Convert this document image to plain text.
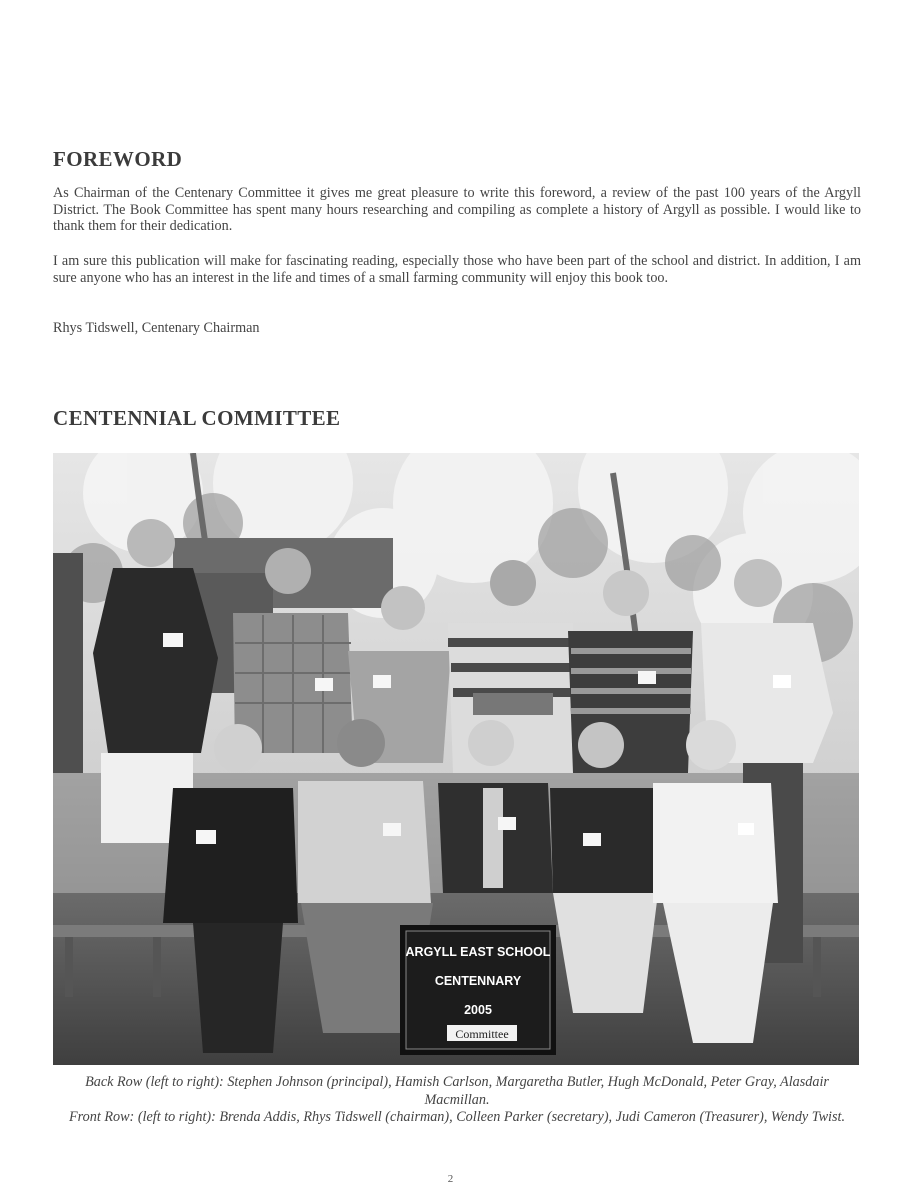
FOREWORD

As Chairman of the Centenary Committee it gives me great pleasure to write this foreword, a review of the past 100 years of the Argyll District. The Book Committee has spent many hours researching and compiling as complete a history of Argyll as possible. I would like to thank them for their dedication.

I am sure this publication will make for fascinating reading, especially those who have been part of the school and district. In addition, I am sure anyone who has an interest in the life and times of a small farming community will enjoy this book too.

Rhys Tidswell, Centenary Chairman

CENTENNIAL COMMITTEE
ARGYLL EAST SCHOOL
CENTENNARY
2005
Committee
Back Row (left to right): Stephen Johnson (principal), Hamish Carlson, Margaretha Butler, Hugh McDonald, Peter Gray, Alasdair Macmillan.
Front Row: (left to right): Brenda Addis, Rhys Tidswell (chairman), Colleen Parker (secretary), Judi Cameron (Treasurer), Wendy Twist.
2
